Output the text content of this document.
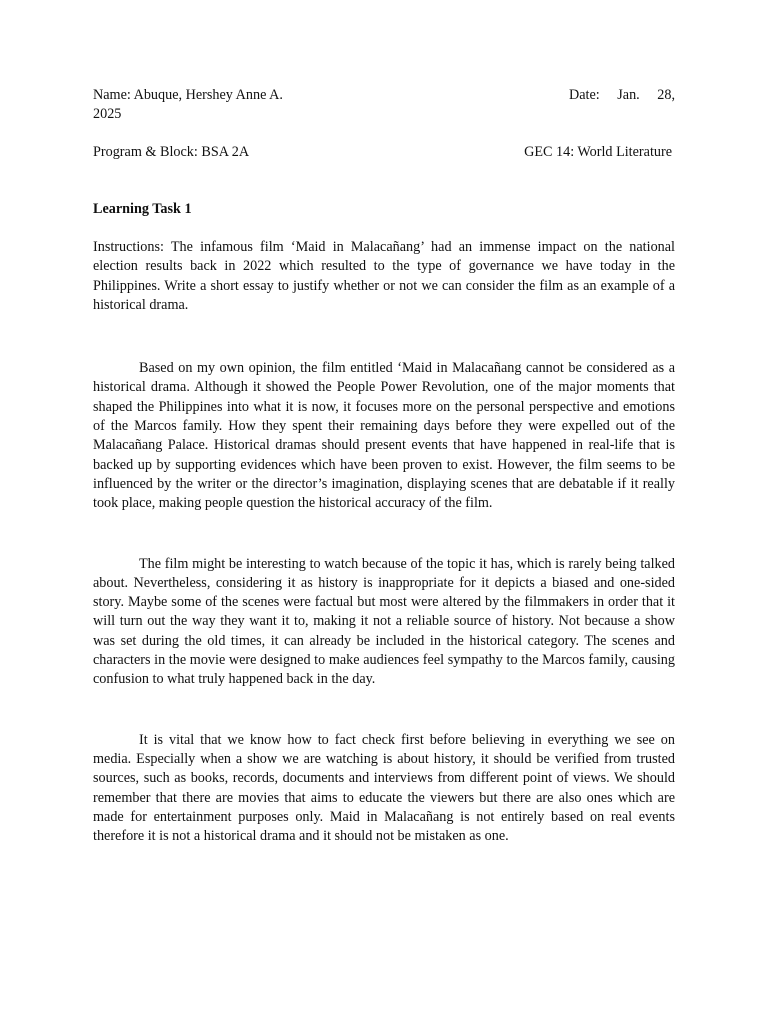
Name: Abuque, Hershey Anne A.	Date: Jan. 28,
2025
Program & Block: BSA 2A	GEC 14: World Literature
Learning Task 1
Instructions: The infamous film ‘Maid in Malacañang’ had an immense impact on the national election results back in 2022 which resulted to the type of governance we have today in the Philippines. Write a short essay to justify whether or not we can consider the film as an example of a historical drama.

Based on my own opinion, the film entitled ‘Maid in Malacañang cannot be considered as a historical drama. Although it showed the People Power Revolution, one of the major moments that shaped the Philippines into what it is now, it focuses more on the personal perspective and emotions of the Marcos family. How they spent their remaining days before they were expelled out of the Malacañang Palace. Historical dramas should present events that have happened in real-life that is backed up by supporting evidences which have been proven to exist. However, the film seems to be influenced by the writer or the director’s imagination, displaying scenes that are debatable if it really took place, making people question the historical accuracy of the film.

The film might be interesting to watch because of the topic it has, which is rarely being talked about. Nevertheless, considering it as history is inappropriate for it depicts a biased and one-sided story. Maybe some of the scenes were factual but most were altered by the filmmakers in order that it will turn out the way they want it to, making it not a reliable source of history. Not because a show was set during the old times, it can already be included in the historical category. The scenes and characters in the movie were designed to make audiences feel sympathy to the Marcos family, causing confusion to what truly happened back in the day.

It is vital that we know how to fact check first before believing in everything we see on media. Especially when a show we are watching is about history, it should be verified from trusted sources, such as books, records, documents and interviews from different point of views. We should remember that there are movies that aims to educate the viewers but there are also ones which are made for entertainment purposes only. Maid in Malacañang is not entirely based on real events therefore it is not a historical drama and it should not be mistaken as one.
